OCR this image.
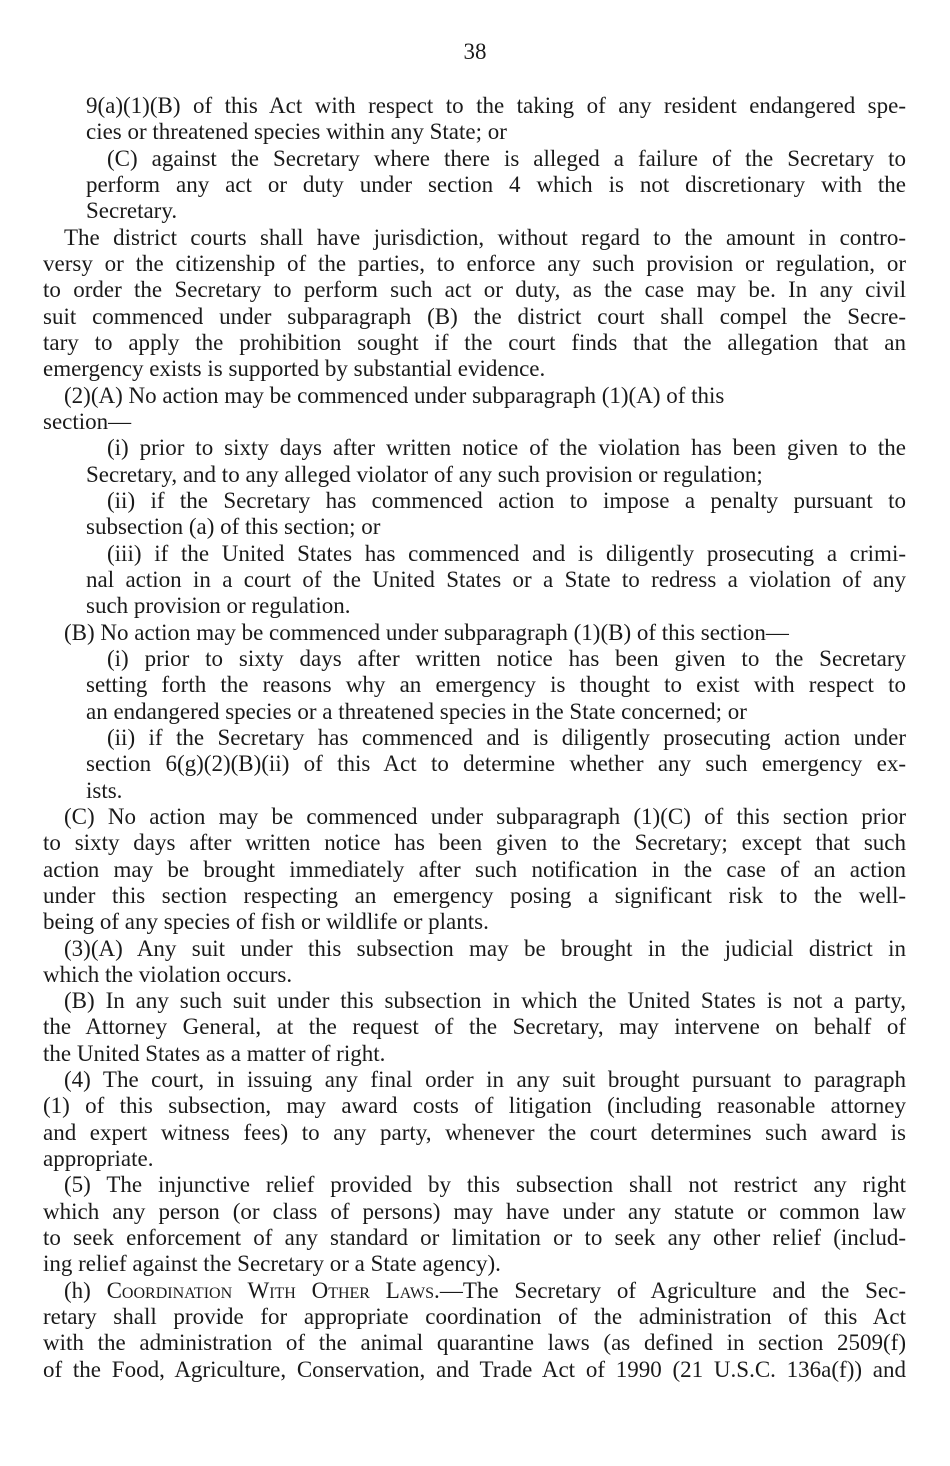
38
9(a)(1)(B) of this Act with respect to the taking of any resident endangered spe-
cies or threatened species within any State; or
(C) against the Secretary where there is alleged a failure of the Secretary to
perform any act or duty under section 4 which is not discretionary with the
Secretary.
The district courts shall have jurisdiction, without regard to the amount in contro-
versy or the citizenship of the parties, to enforce any such provision or regulation, or
to order the Secretary to perform such act or duty, as the case may be. In any civil
suit commenced under subparagraph (B) the district court shall compel the Secre-
tary to apply the prohibition sought if the court finds that the allegation that an
emergency exists is supported by substantial evidence.
(2)(A) No action may be commenced under subparagraph (1)(A) of this
section—
(i) prior to sixty days after written notice of the violation has been given to the
Secretary, and to any alleged violator of any such provision or regulation;
(ii) if the Secretary has commenced action to impose a penalty pursuant to
subsection (a) of this section; or
(iii) if the United States has commenced and is diligently prosecuting a crimi-
nal action in a court of the United States or a State to redress a violation of any
such provision or regulation.
(B) No action may be commenced under subparagraph (1)(B) of this section—
(i) prior to sixty days after written notice has been given to the Secretary
setting forth the reasons why an emergency is thought to exist with respect to
an endangered species or a threatened species in the State concerned; or
(ii) if the Secretary has commenced and is diligently prosecuting action under
section 6(g)(2)(B)(ii) of this Act to determine whether any such emergency ex-
ists.
(C) No action may be commenced under subparagraph (1)(C) of this section prior
to sixty days after written notice has been given to the Secretary; except that such
action may be brought immediately after such notification in the case of an action
under this section respecting an emergency posing a significant risk to the well-
being of any species of fish or wildlife or plants.
(3)(A) Any suit under this subsection may be brought in the judicial district in
which the violation occurs.
(B) In any such suit under this subsection in which the United States is not a party,
the Attorney General, at the request of the Secretary, may intervene on behalf of
the United States as a matter of right.
(4) The court, in issuing any final order in any suit brought pursuant to paragraph
(1) of this subsection, may award costs of litigation (including reasonable attorney
and expert witness fees) to any party, whenever the court determines such award is
appropriate.
(5) The injunctive relief provided by this subsection shall not restrict any right
which any person (or class of persons) may have under any statute or common law
to seek enforcement of any standard or limitation or to seek any other relief (includ-
ing relief against the Secretary or a State agency).
(h) Coordination With Other Laws.—The Secretary of Agriculture and the Sec-
retary shall provide for appropriate coordination of the administration of this Act
with the administration of the animal quarantine laws (as defined in section 2509(f)
of the Food, Agriculture, Conservation, and Trade Act of 1990 (21 U.S.C. 136a(f)) and
